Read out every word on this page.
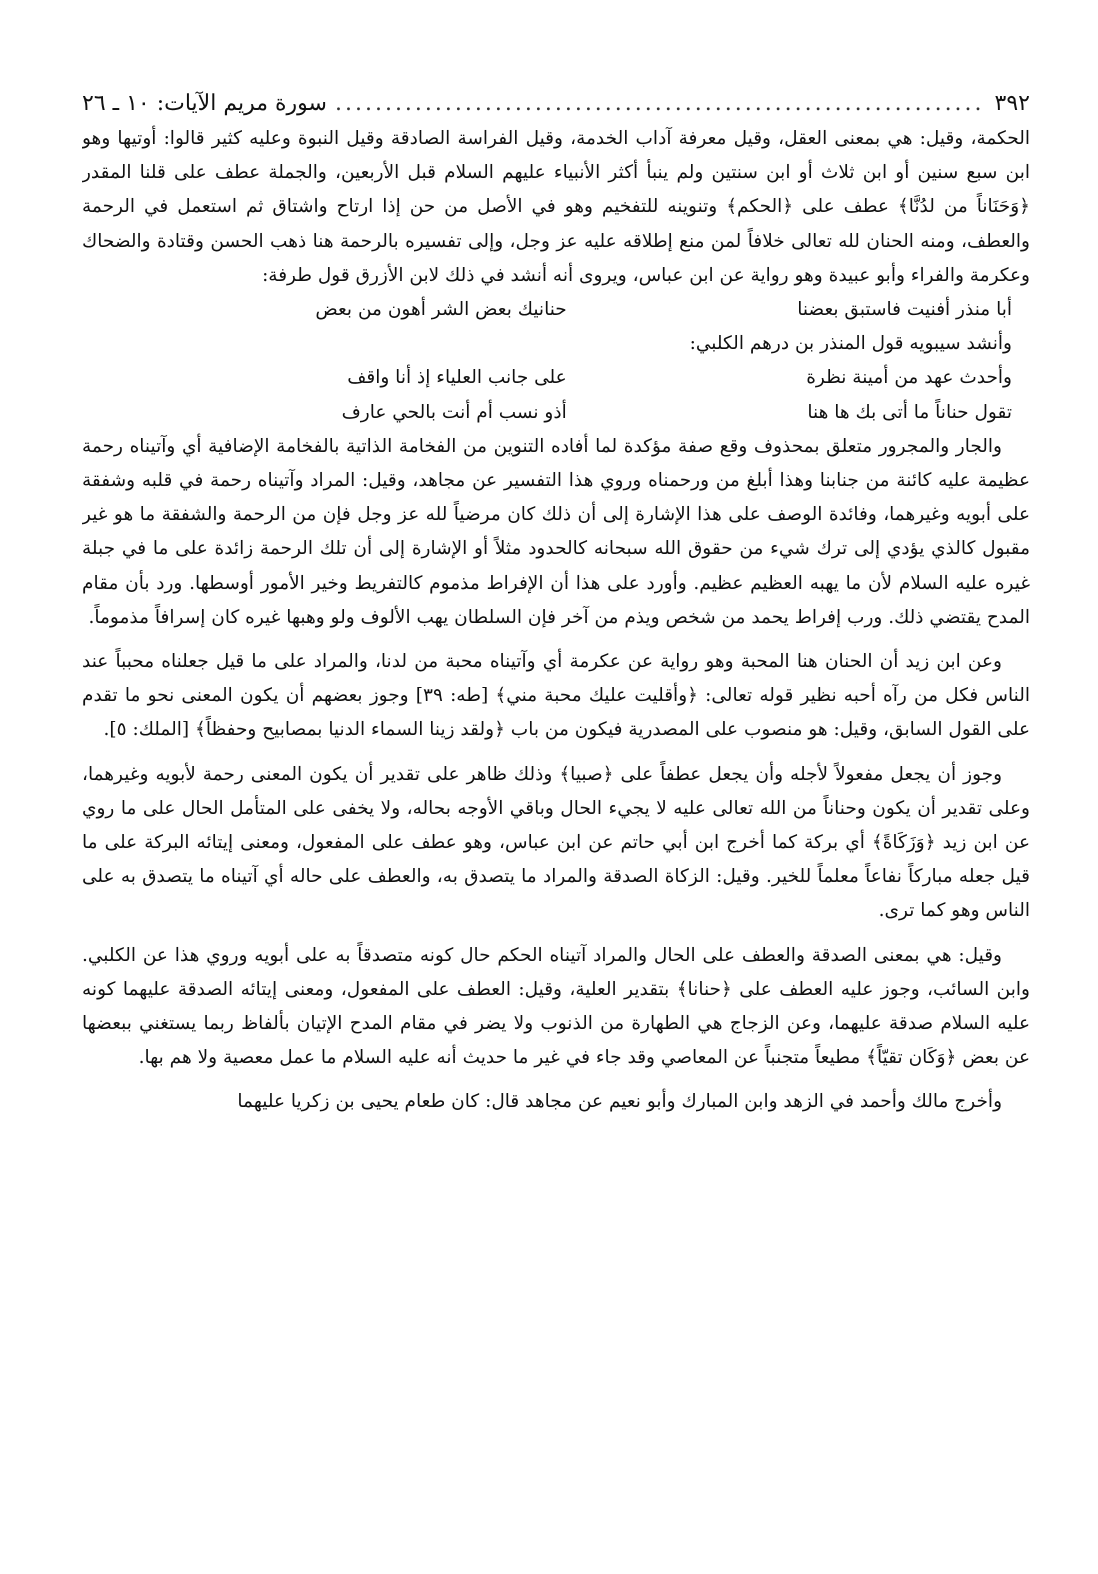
٣٩٢
.....
سورة مريم الآيات: ١٠ ـ ٢٦

الحكمة، وقيل: هي بمعنى العقل، وقيل معرفة آداب الخدمة، وقيل الفراسة الصادقة وقيل النبوة وعليه كثير قالوا: أوتيها وهو ابن سبع سنين أو ابن ثلاث أو ابن سنتين ولم ينبأ أكثر الأنبياء عليهم السلام قبل الأربعين، والجملة عطف على قلنا المقدر ﴿وَحَنَاناً من لدُنَّا﴾ عطف على ﴿الحكم﴾ وتنوينه للتفخيم وهو في الأصل من حن إذا ارتاح واشتاق ثم استعمل في الرحمة والعطف، ومنه الحنان لله تعالى خلافاً لمن منع إطلاقه عليه عز وجل، وإلى تفسيره بالرحمة هنا ذهب الحسن وقتادة والضحاك وعكرمة والفراء وأبو عبيدة وهو رواية عن ابن عباس، ويروى أنه أنشد في ذلك لابن الأزرق قول طرفة:

أبا منذر أفنيت فاستبق بعضنا
حنانيك بعض الشر أهون من بعض
وأنشد سيبويه قول المنذر بن درهم الكلبي:
وأحدث عهد من أمينة نظرة
على جانب العلياء إذ أنا واقف
تقول حناناً ما أتى بك ها هنا
أذو نسب أم أنت بالحي عارف

والجار والمجرور متعلق بمحذوف وقع صفة مؤكدة لما أفاده التنوين من الفخامة الذاتية بالفخامة الإضافية أي وآتيناه رحمة عظيمة عليه كائنة من جنابنا وهذا أبلغ من ورحمناه وروي هذا التفسير عن مجاهد، وقيل: المراد وآتيناه رحمة في قلبه وشفقة على أبويه وغيرهما، وفائدة الوصف على هذا الإشارة إلى أن ذلك كان مرضياً لله عز وجل فإن من الرحمة والشفقة ما هو غير مقبول كالذي يؤدي إلى ترك شيء من حقوق الله سبحانه كالحدود مثلاً أو الإشارة إلى أن تلك الرحمة زائدة على ما في جبلة غيره عليه السلام لأن ما يهبه العظيم عظيم. وأورد على هذا أن الإفراط مذموم كالتفريط وخير الأمور أوسطها. ورد بأن مقام المدح يقتضي ذلك. ورب إفراط يحمد من شخص ويذم من آخر فإن السلطان يهب الألوف ولو وهبها غيره كان إسرافاً مذموماً.

وعن ابن زيد أن الحنان هنا المحبة وهو رواية عن عكرمة أي وآتيناه محبة من لدنا، والمراد على ما قيل جعلناه محبباً عند الناس فكل من رآه أحبه نظير قوله تعالى: ﴿وأقليت عليك محبة مني﴾ [طه: ٣٩] وجوز بعضهم أن يكون المعنى نحو ما تقدم على القول السابق، وقيل: هو منصوب على المصدرية فيكون من باب ﴿ولقد زينا السماء الدنيا بمصابيح وحفظاً﴾ [الملك: ٥].

وجوز أن يجعل مفعولاً لأجله وأن يجعل عطفاً على ﴿صبيا﴾ وذلك ظاهر على تقدير أن يكون المعنى رحمة لأبويه وغيرهما، وعلى تقدير أن يكون وحناناً من الله تعالى عليه لا يجيء الحال وباقي الأوجه بحاله، ولا يخفى على المتأمل الحال على ما روي عن ابن زيد ﴿وَزَكَاةً﴾ أي بركة كما أخرج ابن أبي حاتم عن ابن عباس، وهو عطف على المفعول، ومعنى إيتائه البركة على ما قيل جعله مباركاً نفاعاً معلماً للخير. وقيل: الزكاة الصدقة والمراد ما يتصدق به، والعطف على حاله أي آتيناه ما يتصدق به على الناس وهو كما ترى.

وقيل: هي بمعنى الصدقة والعطف على الحال والمراد آتيناه الحكم حال كونه متصدقاً به على أبويه وروي هذا عن الكلبي. وابن السائب، وجوز عليه العطف على ﴿حنانا﴾ بتقدير العلية، وقيل: العطف على المفعول، ومعنى إيتائه الصدقة عليهما كونه عليه السلام صدقة عليهما، وعن الزجاج هي الطهارة من الذنوب ولا يضر في مقام المدح الإتيان بألفاظ ربما يستغني ببعضها عن بعض ﴿وَكَان تقيّاً﴾ مطيعاً متجنباً عن المعاصي وقد جاء في غير ما حديث أنه عليه السلام ما عمل معصية ولا هم بها.

وأخرج مالك وأحمد في الزهد وابن المبارك وأبو نعيم عن مجاهد قال: كان طعام يحيى بن زكريا عليهما
